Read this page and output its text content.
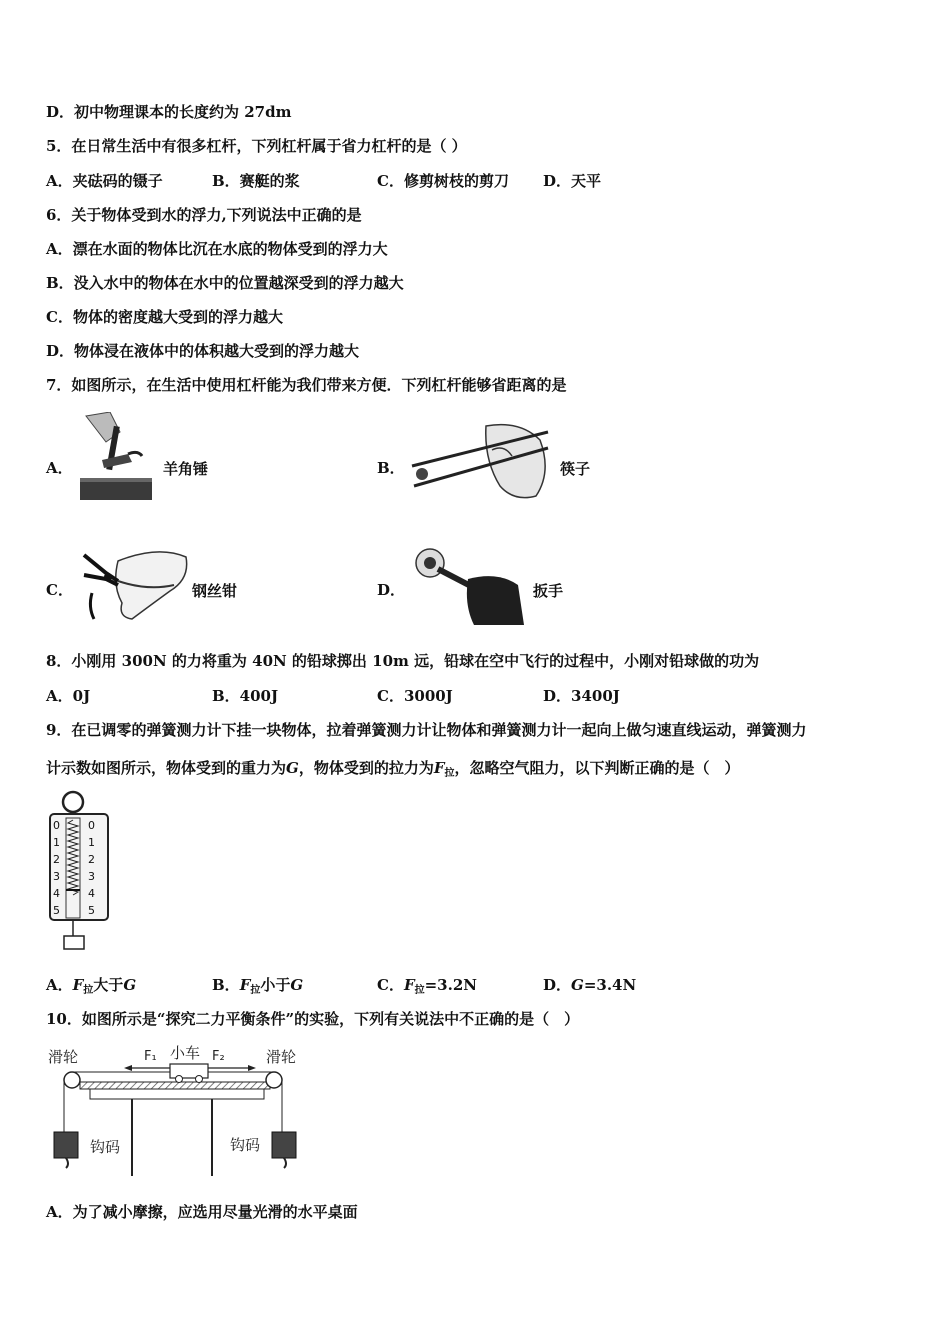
D．初中物理课本的长度约为 27dm
5．在日常生活中有很多杠杆，下列杠杆属于省力杠杆的是（ ）
A．夹砝码的镊子	B．赛艇的浆	C．修剪树枝的剪刀 D．天平
6．关于物体受到水的浮力,下列说法中正确的是
A．漂在水面的物体比沉在水底的物体受到的浮力大
B．没入水中的物体在水中的位置越深受到的浮力越大
C．物体的密度越大受到的浮力越大
D．物体浸在液体中的体积越大受到的浮力越大
7．如图所示，在生活中使用杠杆能为我们带来方便．下列杠杆能够省距离的是
A．	羊角锤	B．	筷子
C．	钢丝钳	D．	扳手
8．小刚用 300N 的力将重为 40N 的铅球掷出 10m 远，铅球在空中飞行的过程中，小刚对铅球做的功为
A．0J	B．400J	C．3000J	D．3400J
9．在已调零的弹簧测力计下挂一块物体，拉着弹簧测力计让物体和弹簧测力计一起向上做匀速直线运动，弹簧测力
计示数如图所示，物体受到的重力为G，物体受到的拉力为$F_拉$，忽略空气阻力，以下判断正确的是（　）
0
1
2
3
4
5
0
1
2
3
4
5
A．$F_拉$大于G	B．$F_拉$小于G	C．$F_拉=3.2N$	D．G=3.4N
10．如图所示是“探究二力平衡条件”的实验，下列有关说法中不正确的是（　）
滑轮	滑轮
F₁ 小车 F₂
钩码	钩码
A．为了减小摩擦，应选用尽量光滑的水平桌面
